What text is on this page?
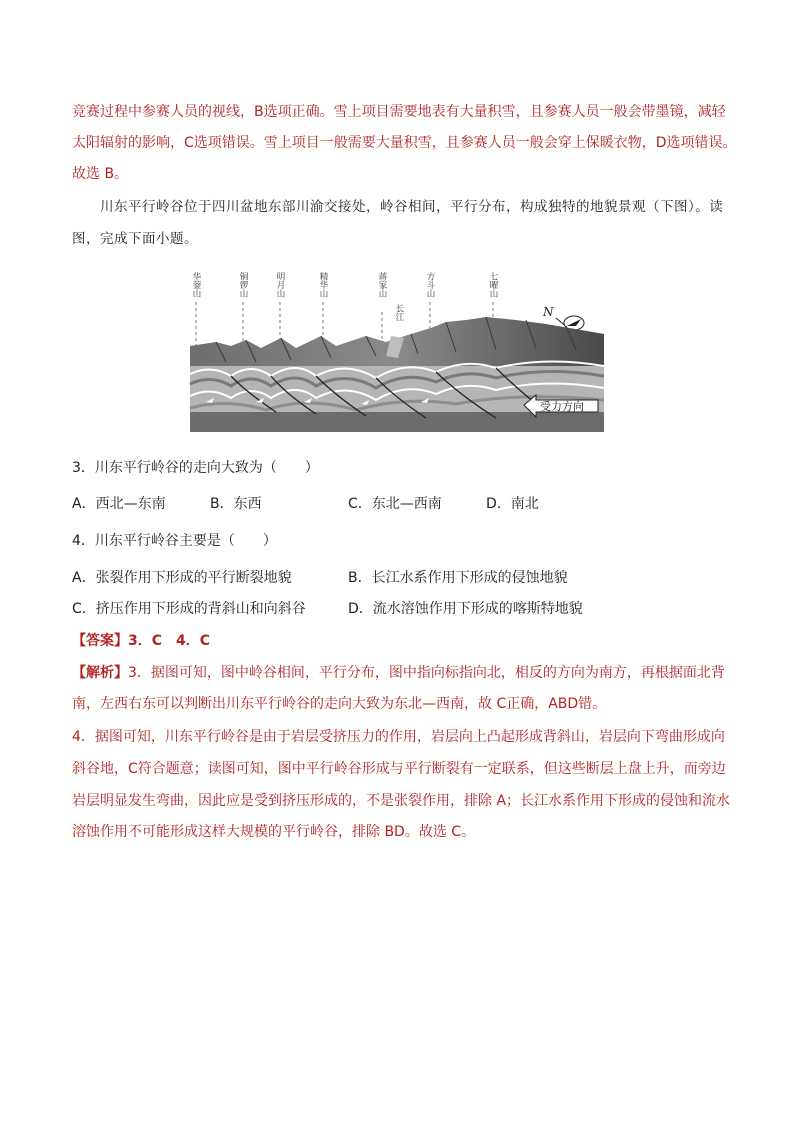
竞赛过程中参赛人员的视线，B选项正确。雪上项目需要地表有大量积雪，且参赛人员一般会带墨镜，减轻
太阳辐射的影响，C选项错误。雪上项目一般需要大量积雪，且参赛人员一般会穿上保暖衣物，D选项错误。
故选 B。
川东平行岭谷位于四川盆地东部川渝交接处，岭谷相间，平行分布，构成独特的地貌景观（下图）。读
图，完成下面小题。
华蓥山	铜锣山	明月山	精华山	蒋家山
长江
方斗山	七曜山
N
受力方向
3．川东平行岭谷的走向大致为（　　）
A．西北—东南	B．东西	C．东北—西南	D．南北
4．川东平行岭谷主要是（　　）
A．张裂作用下形成的平行断裂地貌	B．长江水系作用下形成的侵蚀地貌
C．挤压作用下形成的背斜山和向斜谷	D．流水溶蚀作用下形成的喀斯特地貌
【答案】3．C　4．C
【解析】3．据图可知，图中岭谷相间，平行分布，图中指向标指向北，相反的方向为南方，再根据面北背
南，左西右东可以判断出川东平行岭谷的走向大致为东北—西南，故 C正确，ABD错。
4．据图可知，川东平行岭谷是由于岩层受挤压力的作用，岩层向上凸起形成背斜山，岩层向下弯曲形成向
斜谷地，C符合题意；读图可知，图中平行岭谷形成与平行断裂有一定联系，但这些断层上盘上升，而旁边
岩层明显发生弯曲，因此应是受到挤压形成的，不是张裂作用，排除 A；长江水系作用下形成的侵蚀和流水
溶蚀作用不可能形成这样大规模的平行岭谷，排除 BD。故选 C。
